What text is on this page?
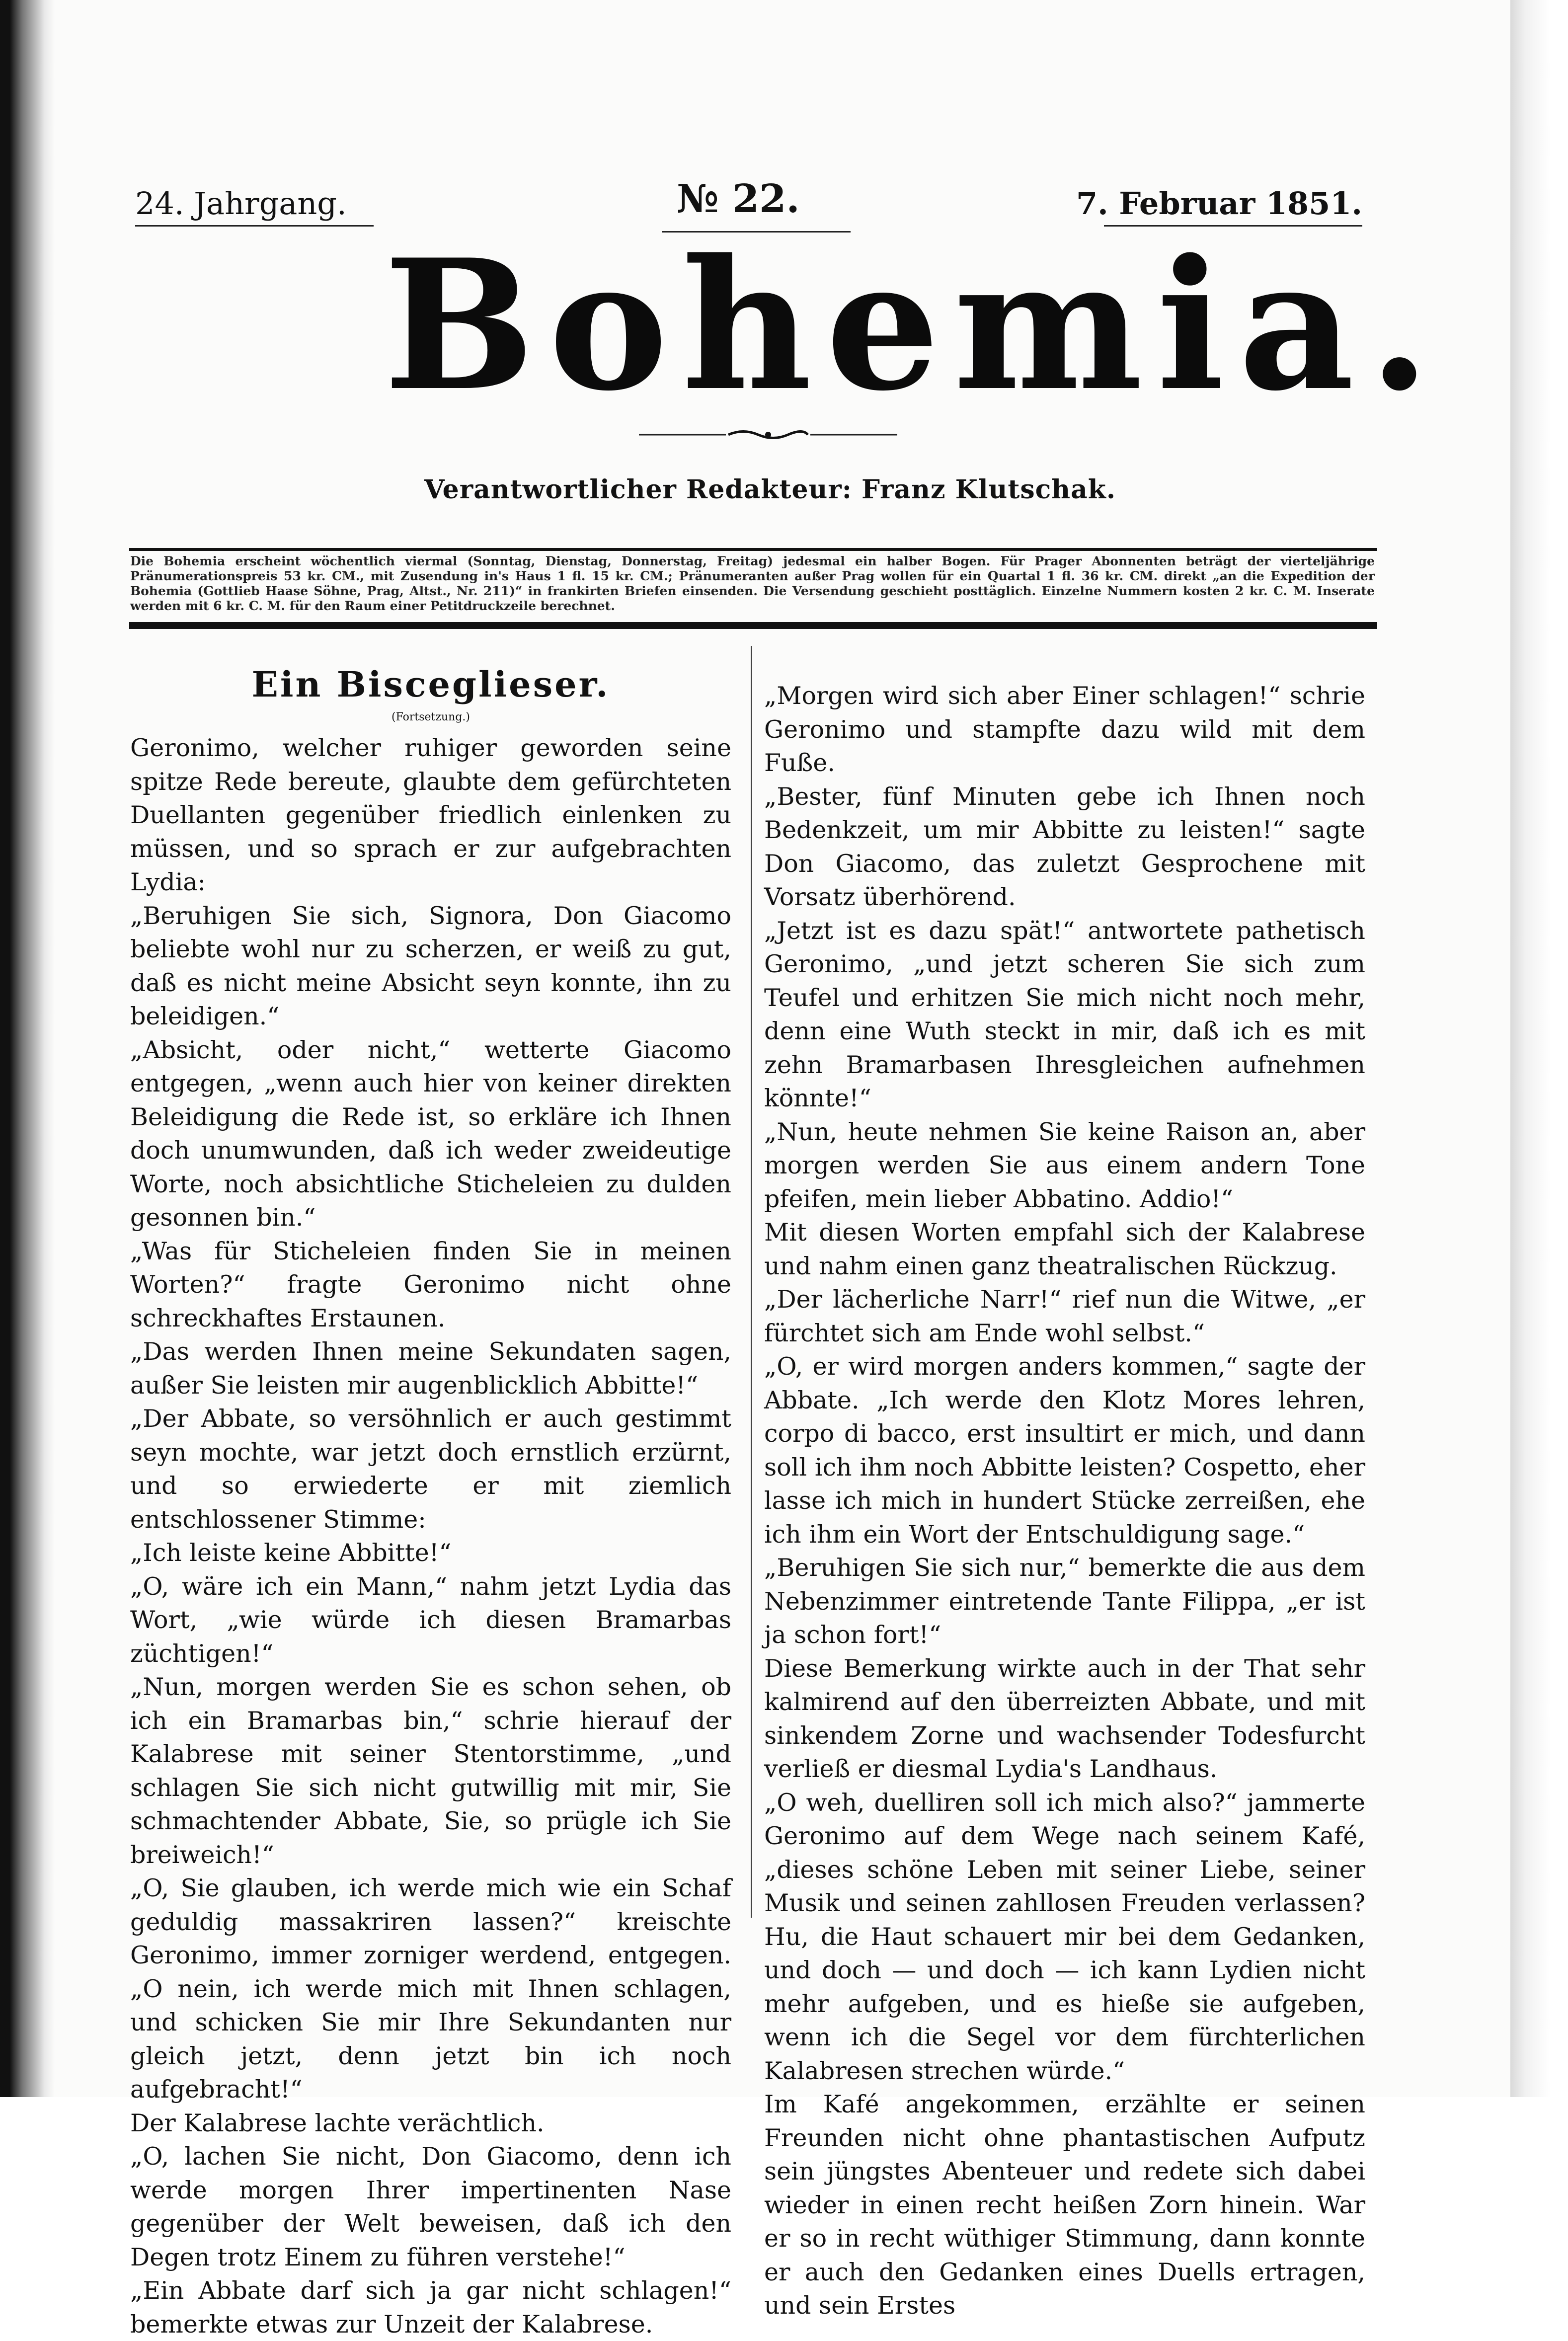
24. Jahrgang.	№ 22.	7. Februar 1851.
Bohemia.
Verantwortlicher Redakteur: Franz Klutschak.
Die Bohemia erscheint wöchentlich viermal (Sonntag, Dienstag, Donnerstag, Freitag) jedesmal ein halber Bogen. Für Prager Abonnenten beträgt der vierteljährige Pränumerationspreis 53 kr. CM., mit Zusendung in's Haus 1 fl. 15 kr. CM.; Pränumeranten außer Prag wollen für ein Quartal 1 fl. 36 kr. CM. direkt „an die Expedition der Bohemia (Gottlieb Haase Söhne, Prag, Altst., Nr. 211)“ in frankirten Briefen einsenden. Die Versendung geschieht posttäglich. Einzelne Nummern kosten 2 kr. C. M. Inserate werden mit 6 kr. C. M. für den Raum einer Petitdruckzeile berechnet.
Ein Bisceglieser.
(Fortsetzung.)

Geronimo, welcher ruhiger geworden seine spitze Rede bereute, glaubte dem gefürchteten Duellanten gegenüber friedlich einlenken zu müssen, und so sprach er zur aufgebrachten Lydia:

„Beruhigen Sie sich, Signora, Don Giacomo beliebte wohl nur zu scherzen, er weiß zu gut, daß es nicht meine Absicht seyn konnte, ihn zu beleidigen.“

„Absicht, oder nicht,“ wetterte Giacomo entgegen, „wenn auch hier von keiner direkten Beleidigung die Rede ist, so erkläre ich Ihnen doch unumwunden, daß ich weder zweideutige Worte, noch absichtliche Sticheleien zu dulden gesonnen bin.“

„Was für Sticheleien finden Sie in meinen Worten?“ fragte Geronimo nicht ohne schreckhaftes Erstaunen.

„Das werden Ihnen meine Sekundaten sagen, außer Sie leisten mir augenblicklich Abbitte!“

„Der Abbate, so versöhnlich er auch gestimmt seyn mochte, war jetzt doch ernstlich erzürnt, und so erwiederte er mit ziemlich entschlossener Stimme:

„Ich leiste keine Abbitte!“

„O, wäre ich ein Mann,“ nahm jetzt Lydia das Wort, „wie würde ich diesen Bramarbas züchtigen!“

„Nun, morgen werden Sie es schon sehen, ob ich ein Bramarbas bin,“ schrie hierauf der Kalabrese mit seiner Stentorstimme, „und schlagen Sie sich nicht gutwillig mit mir, Sie schmachtender Abbate, Sie, so prügle ich Sie breiweich!“

„O, Sie glauben, ich werde mich wie ein Schaf geduldig massakriren lassen?“ kreischte Geronimo, immer zorniger werdend, entgegen. „O nein, ich werde mich mit Ihnen schlagen, und schicken Sie mir Ihre Sekundanten nur gleich jetzt, denn jetzt bin ich noch aufgebracht!“

Der Kalabrese lachte verächtlich.

„O, lachen Sie nicht, Don Giacomo, denn ich werde morgen Ihrer impertinenten Nase gegenüber der Welt beweisen, daß ich den Degen trotz Einem zu führen verstehe!“

„Ein Abbate darf sich ja gar nicht schlagen!“ bemerkte etwas zur Unzeit der Kalabrese.

„Morgen wird sich aber Einer schlagen!“ schrie Geronimo und stampfte dazu wild mit dem Fuße.

„Bester, fünf Minuten gebe ich Ihnen noch Bedenkzeit, um mir Abbitte zu leisten!“ sagte Don Giacomo, das zuletzt Gesprochene mit Vorsatz überhörend.

„Jetzt ist es dazu spät!“ antwortete pathetisch Geronimo, „und jetzt scheren Sie sich zum Teufel und erhitzen Sie mich nicht noch mehr, denn eine Wuth steckt in mir, daß ich es mit zehn Bramarbasen Ihresgleichen aufnehmen könnte!“

„Nun, heute nehmen Sie keine Raison an, aber morgen werden Sie aus einem andern Tone pfeifen, mein lieber Abbatino. Addio!“

Mit diesen Worten empfahl sich der Kalabrese und nahm einen ganz theatralischen Rückzug.

„Der lächerliche Narr!“ rief nun die Witwe, „er fürchtet sich am Ende wohl selbst.“

„O, er wird morgen anders kommen,“ sagte der Abbate. „Ich werde den Klotz Mores lehren, corpo di bacco, erst insultirt er mich, und dann soll ich ihm noch Abbitte leisten? Cospetto, eher lasse ich mich in hundert Stücke zerreißen, ehe ich ihm ein Wort der Entschuldigung sage.“

„Beruhigen Sie sich nur,“ bemerkte die aus dem Nebenzimmer eintretende Tante Filippa, „er ist ja schon fort!“

Diese Bemerkung wirkte auch in der That sehr kalmirend auf den überreizten Abbate, und mit sinkendem Zorne und wachsender Todesfurcht verließ er diesmal Lydia's Landhaus.

„O weh, duelliren soll ich mich also?“ jammerte Geronimo auf dem Wege nach seinem Kafé, „dieses schöne Leben mit seiner Liebe, seiner Musik und seinen zahllosen Freuden verlassen? Hu, die Haut schauert mir bei dem Gedanken, und doch — und doch — ich kann Lydien nicht mehr aufgeben, und es hieße sie aufgeben, wenn ich die Segel vor dem fürchterlichen Kalabresen strechen würde.“

Im Kafé angekommen, erzählte er seinen Freunden nicht ohne phantastischen Aufputz sein jüngstes Abenteuer und redete sich dabei wieder in einen recht heißen Zorn hinein. War er so in recht wüthiger Stimmung, dann konnte er auch den Gedanken eines Duells ertragen, und sein Erstes
